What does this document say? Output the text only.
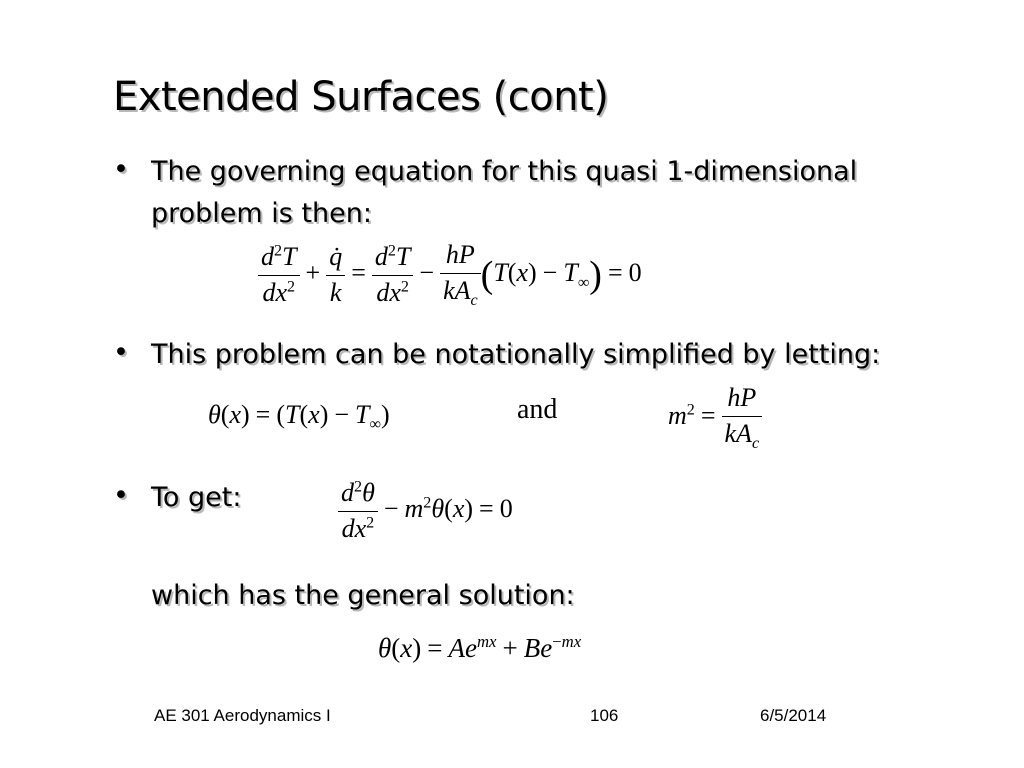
Extended Surfaces (cont)
• The governing equation for this quasi 1-dimensional
problem is then:
$\frac{d^2T}{dx^2} + \frac{q̇}{k} = \frac{d^2T}{dx^2} - \frac{hP}{kA_c} (T(x) - T_\infty) = 0$
• This problem can be notationally simplified by letting:
$\theta(x) = (T(x) - T_\infty)$	and	$m^2 = \frac{hP}{kA_c}$
• To get:	$\frac{d^2\theta}{dx^2} - m^2\theta(x) = 0$
which has the general solution:
$\theta(x) = Ae^{mx} + Be^{-mx}$
AE 301 Aerodynamics I	106	6/5/2014
